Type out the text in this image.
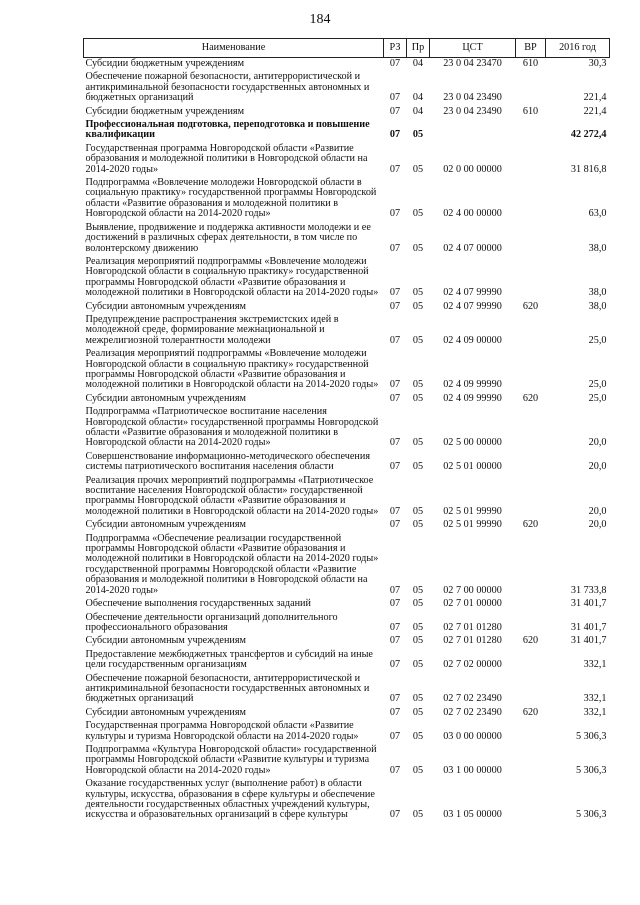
184
Наименование	РЗ	Пр	ЦСТ	ВР	2016 год
Субсидии бюджетным учреждениям	07	04	23 0 04 23470	610	30,3
Обеспечение пожарной безопасности, антитеррористической и антикриминальной безопасности государственных автономных и бюджетных организаций	07	04	23 0 04 23490		221,4
Субсидии бюджетным учреждениям	07	04	23 0 04 23490	610	221,4
Профессиональная подготовка, переподготовка и повышение квалификации	07	05			42 272,4
Государственная программа Новгородской области «Развитие образования и молодежной политики в Новгородской области на 2014-2020 годы»	07	05	02 0 00 00000		31 816,8
Подпрограмма «Вовлечение молодежи Новгородской области в социальную практику» государственной программы Новгородской области «Развитие образования и молодежной политики в Новгородской области на 2014-2020 годы»	07	05	02 4 00 00000		63,0
Выявление, продвижение и поддержка активности молодежи и ее достижений в различных сферах деятельности, в том числе по волонтерскому движению	07	05	02 4 07 00000		38,0
Реализация мероприятий подпрограммы «Вовлечение молодежи Новгородской области в социальную практику» государственной программы Новгородской области «Развитие образования и молодежной политики в Новгородской области на 2014-2020 годы»	07	05	02 4 07 99990		38,0
Субсидии автономным учреждениям	07	05	02 4 07 99990	620	38,0
Предупреждение распространения экстремистских идей в молодежной среде, формирование межнациональной и межрелигиозной толерантности молодежи	07	05	02 4 09 00000		25,0
Реализация мероприятий подпрограммы «Вовлечение молодежи Новгородской области в социальную практику» государственной программы Новгородской области «Развитие образования и молодежной политики в Новгородской области на 2014-2020 годы»	07	05	02 4 09 99990		25,0
Субсидии автономным учреждениям	07	05	02 4 09 99990	620	25,0
Подпрограмма «Патриотическое воспитание населения Новгородской области» государственной программы Новгородской области «Развитие образования и молодежной политики в Новгородской области на 2014-2020 годы»	07	05	02 5 00 00000		20,0
Совершенствование информационно-методического обеспечения системы патриотического воспитания населения области	07	05	02 5 01 00000		20,0
Реализация прочих мероприятий подпрограммы «Патриотическое воспитание населения Новгородской области» государственной программы Новгородской области «Развитие образования и молодежной политики в Новгородской области на 2014-2020 годы»	07	05	02 5 01 99990		20,0
Субсидии автономным учреждениям	07	05	02 5 01 99990	620	20,0
Подпрограмма «Обеспечение реализации государственной программы Новгородской области «Развитие образования и молодежной политики в Новгородской области на 2014-2020 годы» государственной программы Новгородской области «Развитие образования и молодежной политики в Новгородской области на 2014-2020 годы»	07	05	02 7 00 00000		31 733,8
Обеспечение выполнения государственных заданий	07	05	02 7 01 00000		31 401,7
Обеспечение деятельности организаций дополнительного профессионального образования	07	05	02 7 01 01280		31 401,7
Субсидии автономным учреждениям	07	05	02 7 01 01280	620	31 401,7
Предоставление межбюджетных трансфертов и субсидий на иные цели государственным организациям	07	05	02 7 02 00000		332,1
Обеспечение пожарной безопасности, антитеррористической и антикриминальной безопасности государственных автономных и бюджетных организаций	07	05	02 7 02 23490		332,1
Субсидии автономным учреждениям	07	05	02 7 02 23490	620	332,1
Государственная программа Новгородской области «Развитие культуры и туризма Новгородской области на 2014-2020 годы»	07	05	03 0 00 00000		5 306,3
Подпрограмма «Культура Новгородской области» государственной программы Новгородской области «Развитие культуры и туризма Новгородской области на 2014-2020 годы»	07	05	03 1 00 00000		5 306,3
Оказание государственных услуг (выполнение работ) в области культуры, искусства, образования в сфере культуры и обеспечение деятельности государственных областных учреждений культуры, искусства и образовательных организаций в сфере культуры	07	05	03 1 05 00000		5 306,3
